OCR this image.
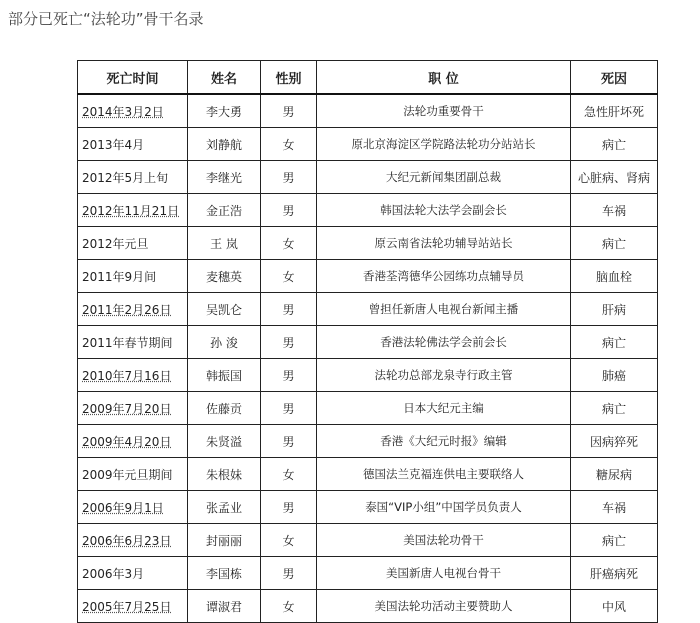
部分已死亡“法轮功”骨干名录
死亡时间	姓名	性别	职 位	死因
2014年3月2日	李大勇	男	法轮功重要骨干	急性肝坏死
2013年4月	刘静航	女	原北京海淀区学院路法轮功分站站长	病亡
2012年5月上旬	李继光	男	大纪元新闻集团副总裁	心脏病、肾病
2012年11月21日	金正浩	男	韩国法轮大法学会副会长	车祸
2012年元旦	王 岚	女	原云南省法轮功辅导站站长	病亡
2011年9月间	麦穗英	女	香港荃湾德华公园练功点辅导员	脑血栓
2011年2月26日	吴凯仑	男	曾担任新唐人电视台新闻主播	肝病
2011年春节期间	孙 浚	男	香港法轮佛法学会前会长	病亡
2010年7月16日	韩振国	男	法轮功总部龙泉寺行政主管	肺癌
2009年7月20日	佐藤贡	男	日本大纪元主编	病亡
2009年4月20日	朱贤溢	男	香港《大纪元时报》编辑	因病猝死
2009年元旦期间	朱根妹	女	德国法兰克福连供电主要联络人	糖尿病
2006年9月1日	张孟业	男	泰国“VIP小组”中国学员负责人	车祸
2006年6月23日	封丽丽	女	美国法轮功骨干	病亡
2006年3月	李国栋	男	美国新唐人电视台骨干	肝癌病死
2005年7月25日	谭淑君	女	美国法轮功活动主要赞助人	中风
